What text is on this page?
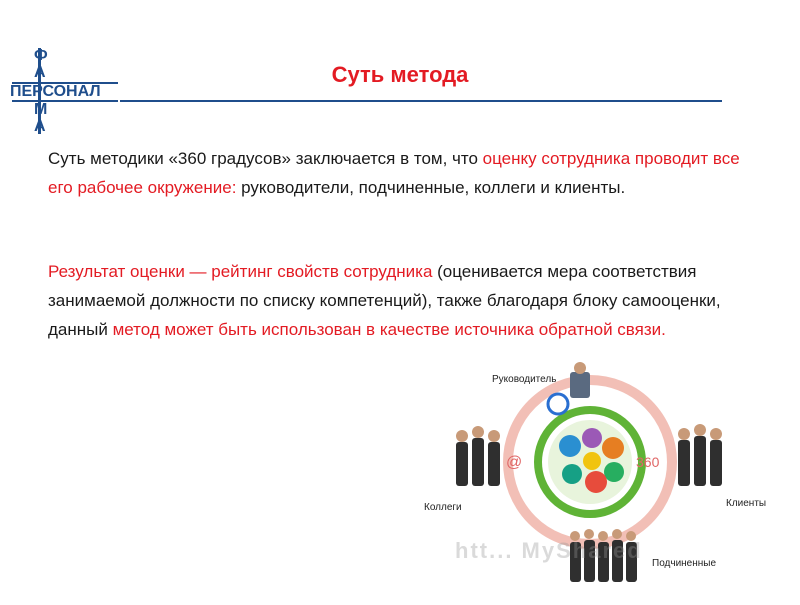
Ф
А
ПЕРСОНАЛ
М
А
Суть метода
Суть методики «360 градусов» заключается в том, что оценку сотрудника проводит все его рабочее окружение: руководители, подчиненные, коллеги и клиенты.
Результат оценки — рейтинг свойств сотрудника (оценивается мера соответствия занимаемой должности по списку компетенций), также благодаря блоку самооценки, данный метод может быть использован в качестве источника обратной связи.
Руководитель
Коллеги	Клиенты
Подчиненные
360
@
htt... MyShared
